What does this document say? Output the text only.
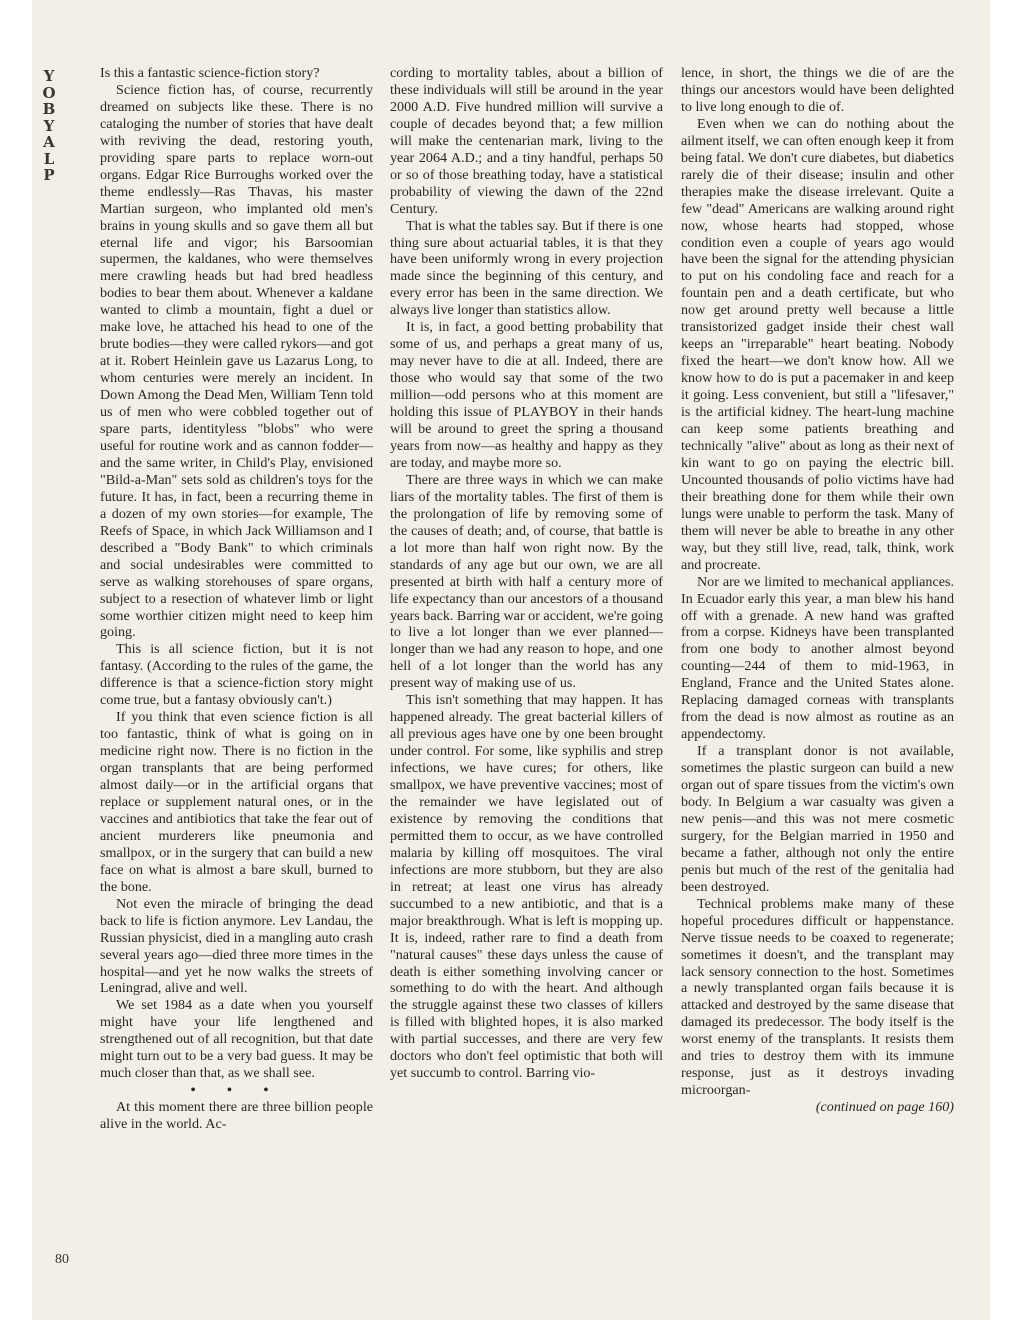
Y
O
B
Y
A
L
P

Is this a fantastic science-fiction story?

Science fiction has, of course, recurrently dreamed on subjects like these. There is no cataloging the number of stories that have dealt with reviving the dead, restoring youth, providing spare parts to replace worn-out organs. Edgar Rice Burroughs worked over the theme endlessly—Ras Thavas, his master Martian surgeon, who implanted old men's brains in young skulls and so gave them all but eternal life and vigor; his Barsoomian supermen, the kaldanes, who were themselves mere crawling heads but had bred headless bodies to bear them about. Whenever a kaldane wanted to climb a mountain, fight a duel or make love, he attached his head to one of the brute bodies—they were called rykors—and got at it. Robert Heinlein gave us Lazarus Long, to whom centuries were merely an incident. In Down Among the Dead Men, William Tenn told us of men who were cobbled together out of spare parts, identityless "blobs" who were useful for routine work and as cannon fodder—and the same writer, in Child's Play, envisioned "Bild-a-Man" sets sold as children's toys for the future. It has, in fact, been a recurring theme in a dozen of my own stories—for example, The Reefs of Space, in which Jack Williamson and I described a "Body Bank" to which criminals and social undesirables were committed to serve as walking storehouses of spare organs, subject to a resection of whatever limb or light some worthier citizen might need to keep him going.

This is all science fiction, but it is not fantasy. (According to the rules of the game, the difference is that a science-fiction story might come true, but a fantasy obviously can't.)

If you think that even science fiction is all too fantastic, think of what is going on in medicine right now. There is no fiction in the organ transplants that are being performed almost daily—or in the artificial organs that replace or supplement natural ones, or in the vaccines and antibiotics that take the fear out of ancient murderers like pneumonia and smallpox, or in the surgery that can build a new face on what is almost a bare skull, burned to the bone.

Not even the miracle of bringing the dead back to life is fiction anymore. Lev Landau, the Russian physicist, died in a mangling auto crash several years ago—died three more times in the hospital—and yet he now walks the streets of Leningrad, alive and well.

We set 1984 as a date when you yourself might have your life lengthened and strengthened out of all recognition, but that date might turn out to be a very bad guess. It may be much closer than that, as we shall see.

• • •

At this moment there are three billion people alive in the world. Ac-

cording to mortality tables, about a billion of these individuals will still be around in the year 2000 A.D. Five hundred million will survive a couple of decades beyond that; a few million will make the centenarian mark, living to the year 2064 A.D.; and a tiny handful, perhaps 50 or so of those breathing today, have a statistical probability of viewing the dawn of the 22nd Century.

That is what the tables say. But if there is one thing sure about actuarial tables, it is that they have been uniformly wrong in every projection made since the beginning of this century, and every error has been in the same direction. We always live longer than statistics allow.

It is, in fact, a good betting probability that some of us, and perhaps a great many of us, may never have to die at all. Indeed, there are those who would say that some of the two million—odd persons who at this moment are holding this issue of PLAYBOY in their hands will be around to greet the spring a thousand years from now—as healthy and happy as they are today, and maybe more so.

There are three ways in which we can make liars of the mortality tables. The first of them is the prolongation of life by removing some of the causes of death; and, of course, that battle is a lot more than half won right now. By the standards of any age but our own, we are all presented at birth with half a century more of life expectancy than our ancestors of a thousand years back. Barring war or accident, we're going to live a lot longer than we ever planned—longer than we had any reason to hope, and one hell of a lot longer than the world has any present way of making use of us.

This isn't something that may happen. It has happened already. The great bacterial killers of all previous ages have one by one been brought under control. For some, like syphilis and strep infections, we have cures; for others, like smallpox, we have preventive vaccines; most of the remainder we have legislated out of existence by removing the conditions that permitted them to occur, as we have controlled malaria by killing off mosquitoes. The viral infections are more stubborn, but they are also in retreat; at least one virus has already succumbed to a new antibiotic, and that is a major breakthrough. What is left is mopping up. It is, indeed, rather rare to find a death from "natural causes" these days unless the cause of death is either something involving cancer or something to do with the heart. And although the struggle against these two classes of killers is filled with blighted hopes, it is also marked with partial successes, and there are very few doctors who don't feel optimistic that both will yet succumb to control. Barring vio-

lence, in short, the things we die of are the things our ancestors would have been delighted to live long enough to die of.

Even when we can do nothing about the ailment itself, we can often enough keep it from being fatal. We don't cure diabetes, but diabetics rarely die of their disease; insulin and other therapies make the disease irrelevant. Quite a few "dead" Americans are walking around right now, whose hearts had stopped, whose condition even a couple of years ago would have been the signal for the attending physician to put on his condoling face and reach for a fountain pen and a death certificate, but who now get around pretty well because a little transistorized gadget inside their chest wall keeps an "irreparable" heart beating. Nobody fixed the heart—we don't know how. All we know how to do is put a pacemaker in and keep it going. Less convenient, but still a "lifesaver," is the artificial kidney. The heart-lung machine can keep some patients breathing and technically "alive" about as long as their next of kin want to go on paying the electric bill. Uncounted thousands of polio victims have had their breathing done for them while their own lungs were unable to perform the task. Many of them will never be able to breathe in any other way, but they still live, read, talk, think, work and procreate.

Nor are we limited to mechanical appliances. In Ecuador early this year, a man blew his hand off with a grenade. A new hand was grafted from a corpse. Kidneys have been transplanted from one body to another almost beyond counting—244 of them to mid-1963, in England, France and the United States alone. Replacing damaged corneas with transplants from the dead is now almost as routine as an appendectomy.

If a transplant donor is not available, sometimes the plastic surgeon can build a new organ out of spare tissues from the victim's own body. In Belgium a war casualty was given a new penis—and this was not mere cosmetic surgery, for the Belgian married in 1950 and became a father, although not only the entire penis but much of the rest of the genitalia had been destroyed.

Technical problems make many of these hopeful procedures difficult or happenstance. Nerve tissue needs to be coaxed to regenerate; sometimes it doesn't, and the transplant may lack sensory connection to the host. Sometimes a newly transplanted organ fails because it is attacked and destroyed by the same disease that damaged its predecessor. The body itself is the worst enemy of the transplants. It resists them and tries to destroy them with its immune response, just as it destroys invading microorgan-

(continued on page 160)

80
